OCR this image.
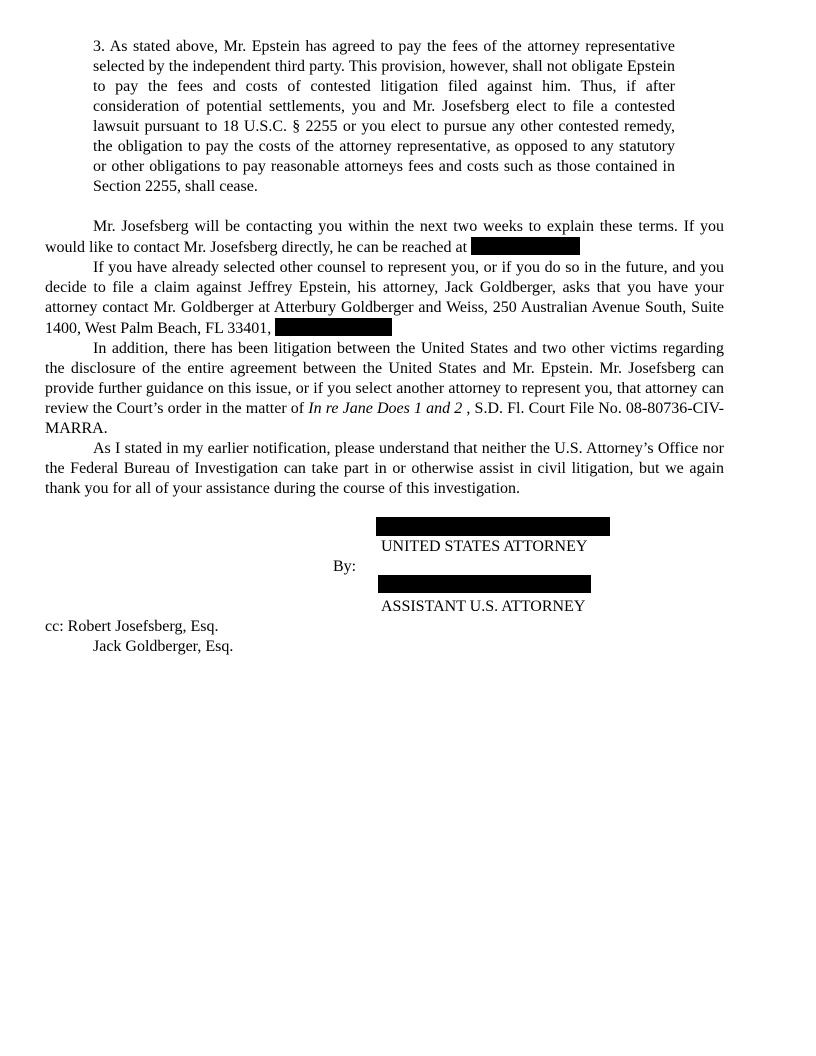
3. As stated above, Mr. Epstein has agreed to pay the fees of the attorney representative selected by the independent third party. This provision, however, shall not obligate Epstein to pay the fees and costs of contested litigation filed against him. Thus, if after consideration of potential settlements, you and Mr. Josefsberg elect to file a contested lawsuit pursuant to 18 U.S.C. § 2255 or you elect to pursue any other contested remedy, the obligation to pay the costs of the attorney representative, as opposed to any statutory or other obligations to pay reasonable attorneys fees and costs such as those contained in Section 2255, shall cease.

Mr. Josefsberg will be contacting you within the next two weeks to explain these terms. If you would like to contact Mr. Josefsberg directly, he can be reached at

If you have already selected other counsel to represent you, or if you do so in the future, and you decide to file a claim against Jeffrey Epstein, his attorney, Jack Goldberger, asks that you have your attorney contact Mr. Goldberger at Atterbury Goldberger and Weiss, 250 Australian Avenue South, Suite 1400, West Palm Beach, FL 33401,

In addition, there has been litigation between the United States and two other victims regarding the disclosure of the entire agreement between the United States and Mr. Epstein. Mr. Josefsberg can provide further guidance on this issue, or if you select another attorney to represent you, that attorney can review the Court’s order in the matter of In re Jane Does 1 and 2 , S.D. Fl. Court File No. 08-80736-CIV-MARRA.

As I stated in my earlier notification, please understand that neither the U.S. Attorney’s Office nor the Federal Bureau of Investigation can take part in or otherwise assist in civil litigation, but we again thank you for all of your assistance during the course of this investigation.

UNITED STATES ATTORNEY
By:
ASSISTANT U.S. ATTORNEY
cc: Robert Josefsberg, Esq.
Jack Goldberger, Esq.
